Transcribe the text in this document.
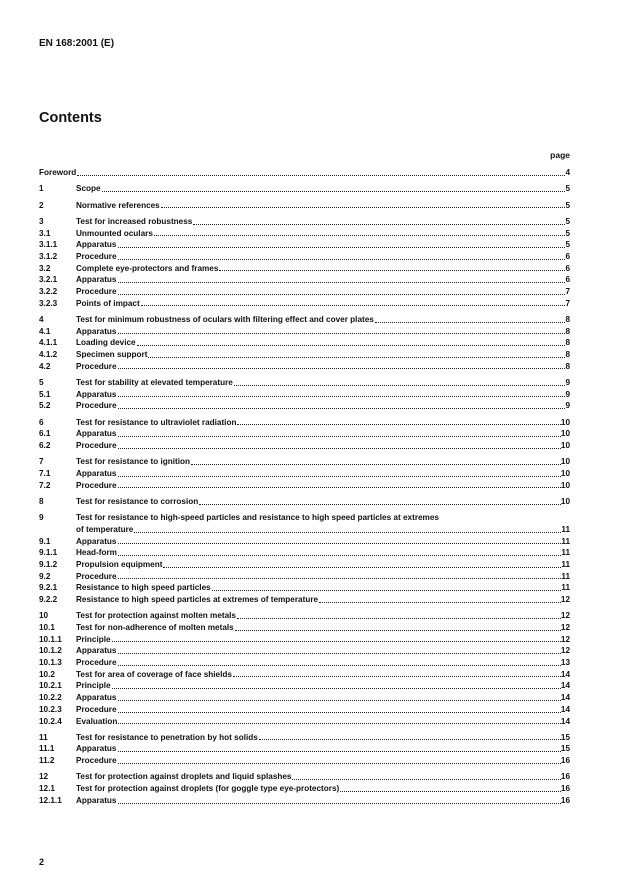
EN 168:2001 (E)
Contents
page
Foreword	4
1	Scope	5
2	Normative references	5
3	Test for increased robustness	5
3.1	Unmounted oculars	5
3.1.1	Apparatus	5
3.1.2	Procedure	6
3.2	Complete eye-protectors and frames	6
3.2.1	Apparatus	6
3.2.2	Procedure	7
3.2.3	Points of impact	7
4	Test for minimum robustness of oculars with filtering effect and cover plates	8
4.1	Apparatus	8
4.1.1	Loading device	8
4.1.2	Specimen support	8
4.2	Procedure	8
5	Test for stability at elevated temperature	9
5.1	Apparatus	9
5.2	Procedure	9
6	Test for resistance to ultraviolet radiation	10
6.1	Apparatus	10
6.2	Procedure	10
7	Test for resistance to ignition	10
7.1	Apparatus	10
7.2	Procedure	10
8	Test for resistance to corrosion	10
9	Test for resistance to high-speed particles and resistance to high speed particles at extremes
of temperature	11
9.1	Apparatus	11
9.1.1	Head-form	11
9.1.2	Propulsion equipment	11
9.2	Procedure	11
9.2.1	Resistance to high speed particles	11
9.2.2	Resistance to high speed particles at extremes of temperature	12
10	Test for protection against molten metals	12
10.1	Test for non-adherence of molten metals	12
10.1.1	Principle	12
10.1.2	Apparatus	12
10.1.3	Procedure	13
10.2	Test for area of coverage of face shields	14
10.2.1	Principle	14
10.2.2	Apparatus	14
10.2.3	Procedure	14
10.2.4	Evaluation	14
11	Test for resistance to penetration by hot solids	15
11.1	Apparatus	15
11.2	Procedure	16
12	Test for protection against droplets and liquid splashes	16
12.1	Test for protection against droplets (for goggle type eye-protectors)	16
12.1.1	Apparatus	16
2
